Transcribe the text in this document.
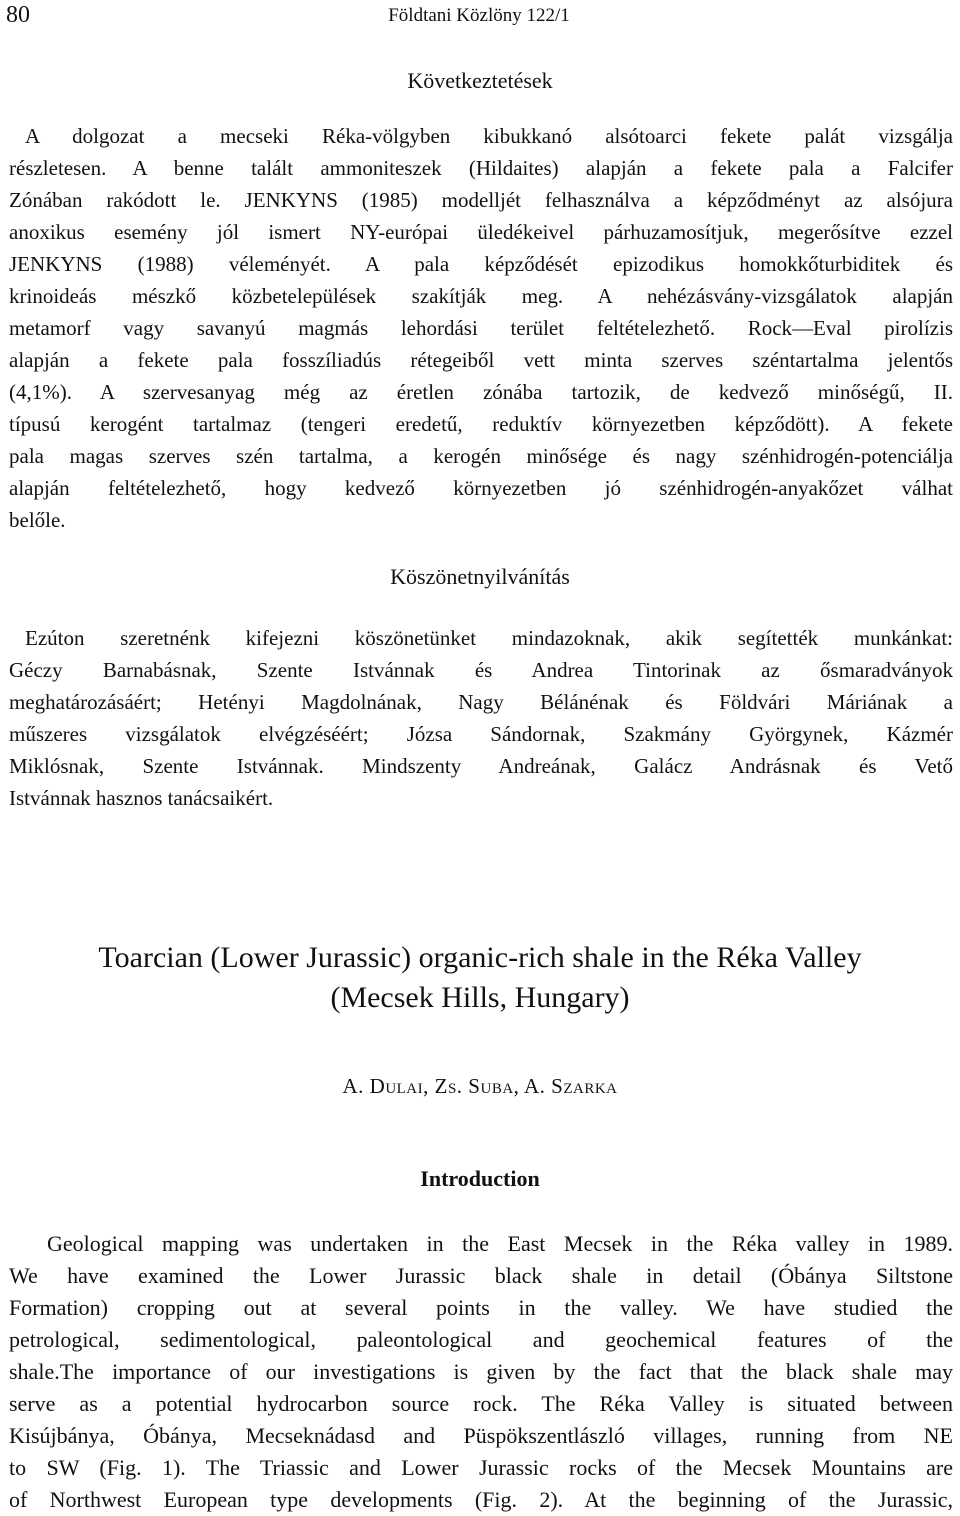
80	Földtani Közlöny 122/1
Következtetések
A dolgozat a mecseki Réka-völgyben kibukkanó alsótoarci fekete palát vizsgálja
részletesen. A benne talált ammoniteszek (Hildaites) alapján a fekete pala a Falcifer
Zónában rakódott le. JENKYNS (1985) modelljét felhasználva a képződményt az alsójura
anoxikus esemény jól ismert NY-európai üledékeivel párhuzamosítjuk, megerősítve ezzel
JENKYNS (1988) véleményét. A pala képződését epizodikus homokkőturbiditek és
krinoideás mészkő közbetelepülések szakítják meg. A nehézásvány-vizsgálatok alapján
metamorf vagy savanyú magmás lehordási terület feltételezhető. Rock—Eval pirolízis
alapján a fekete pala fosszíliadús rétegeiből vett minta szerves széntartalma jelentős
(4,1%). A szervesanyag még az éretlen zónába tartozik, de kedvező minőségű, II.
típusú kerogént tartalmaz (tengeri eredetű, reduktív környezetben képződött). A fekete
pala magas szerves szén tartalma, a kerogén minősége és nagy szénhidrogén-potenciálja
alapján feltételezhető, hogy kedvező környezetben jó szénhidrogén-anyakőzet válhat
belőle.
Köszönetnyilvánítás
Ezúton szeretnénk kifejezni köszönetünket mindazoknak, akik segítették munkánkat:
Géczy Barnabásnak, Szente Istvánnak és Andrea Tintorinak az ősmaradványok
meghatározásáért; Hetényi Magdolnának, Nagy Bélánénak és Földvári Máriának a
műszeres vizsgálatok elvégzéséért; Józsa Sándornak, Szakmány Györgynek, Kázmér
Miklósnak, Szente Istvánnak. Mindszenty Andreának, Galácz Andrásnak és Vető
Istvánnak hasznos tanácsaikért.
Toarcian (Lower Jurassic) organic-rich shale in the Réka Valley
(Mecsek Hills, Hungary)
A. Dulai, Zs. Suba, A. Szarka
Introduction
Geological mapping was undertaken in the East Mecsek in the Réka valley in 1989.
We have examined the Lower Jurassic black shale in detail (Óbánya Siltstone
Formation) cropping out at several points in the valley. We have studied the
petrological, sedimentological, paleontological and geochemical features of the
shale.The importance of our investigations is given by the fact that the black shale may
serve as a potential hydrocarbon source rock. The Réka Valley is situated between
Kisújbánya, Óbánya, Mecseknádasd and Püspökszentlászló villages, running from NE
to SW (Fig. 1). The Triassic and Lower Jurassic rocks of the Mecsek Mountains are
of Northwest European type developments (Fig. 2). At the beginning of the Jurassic,
